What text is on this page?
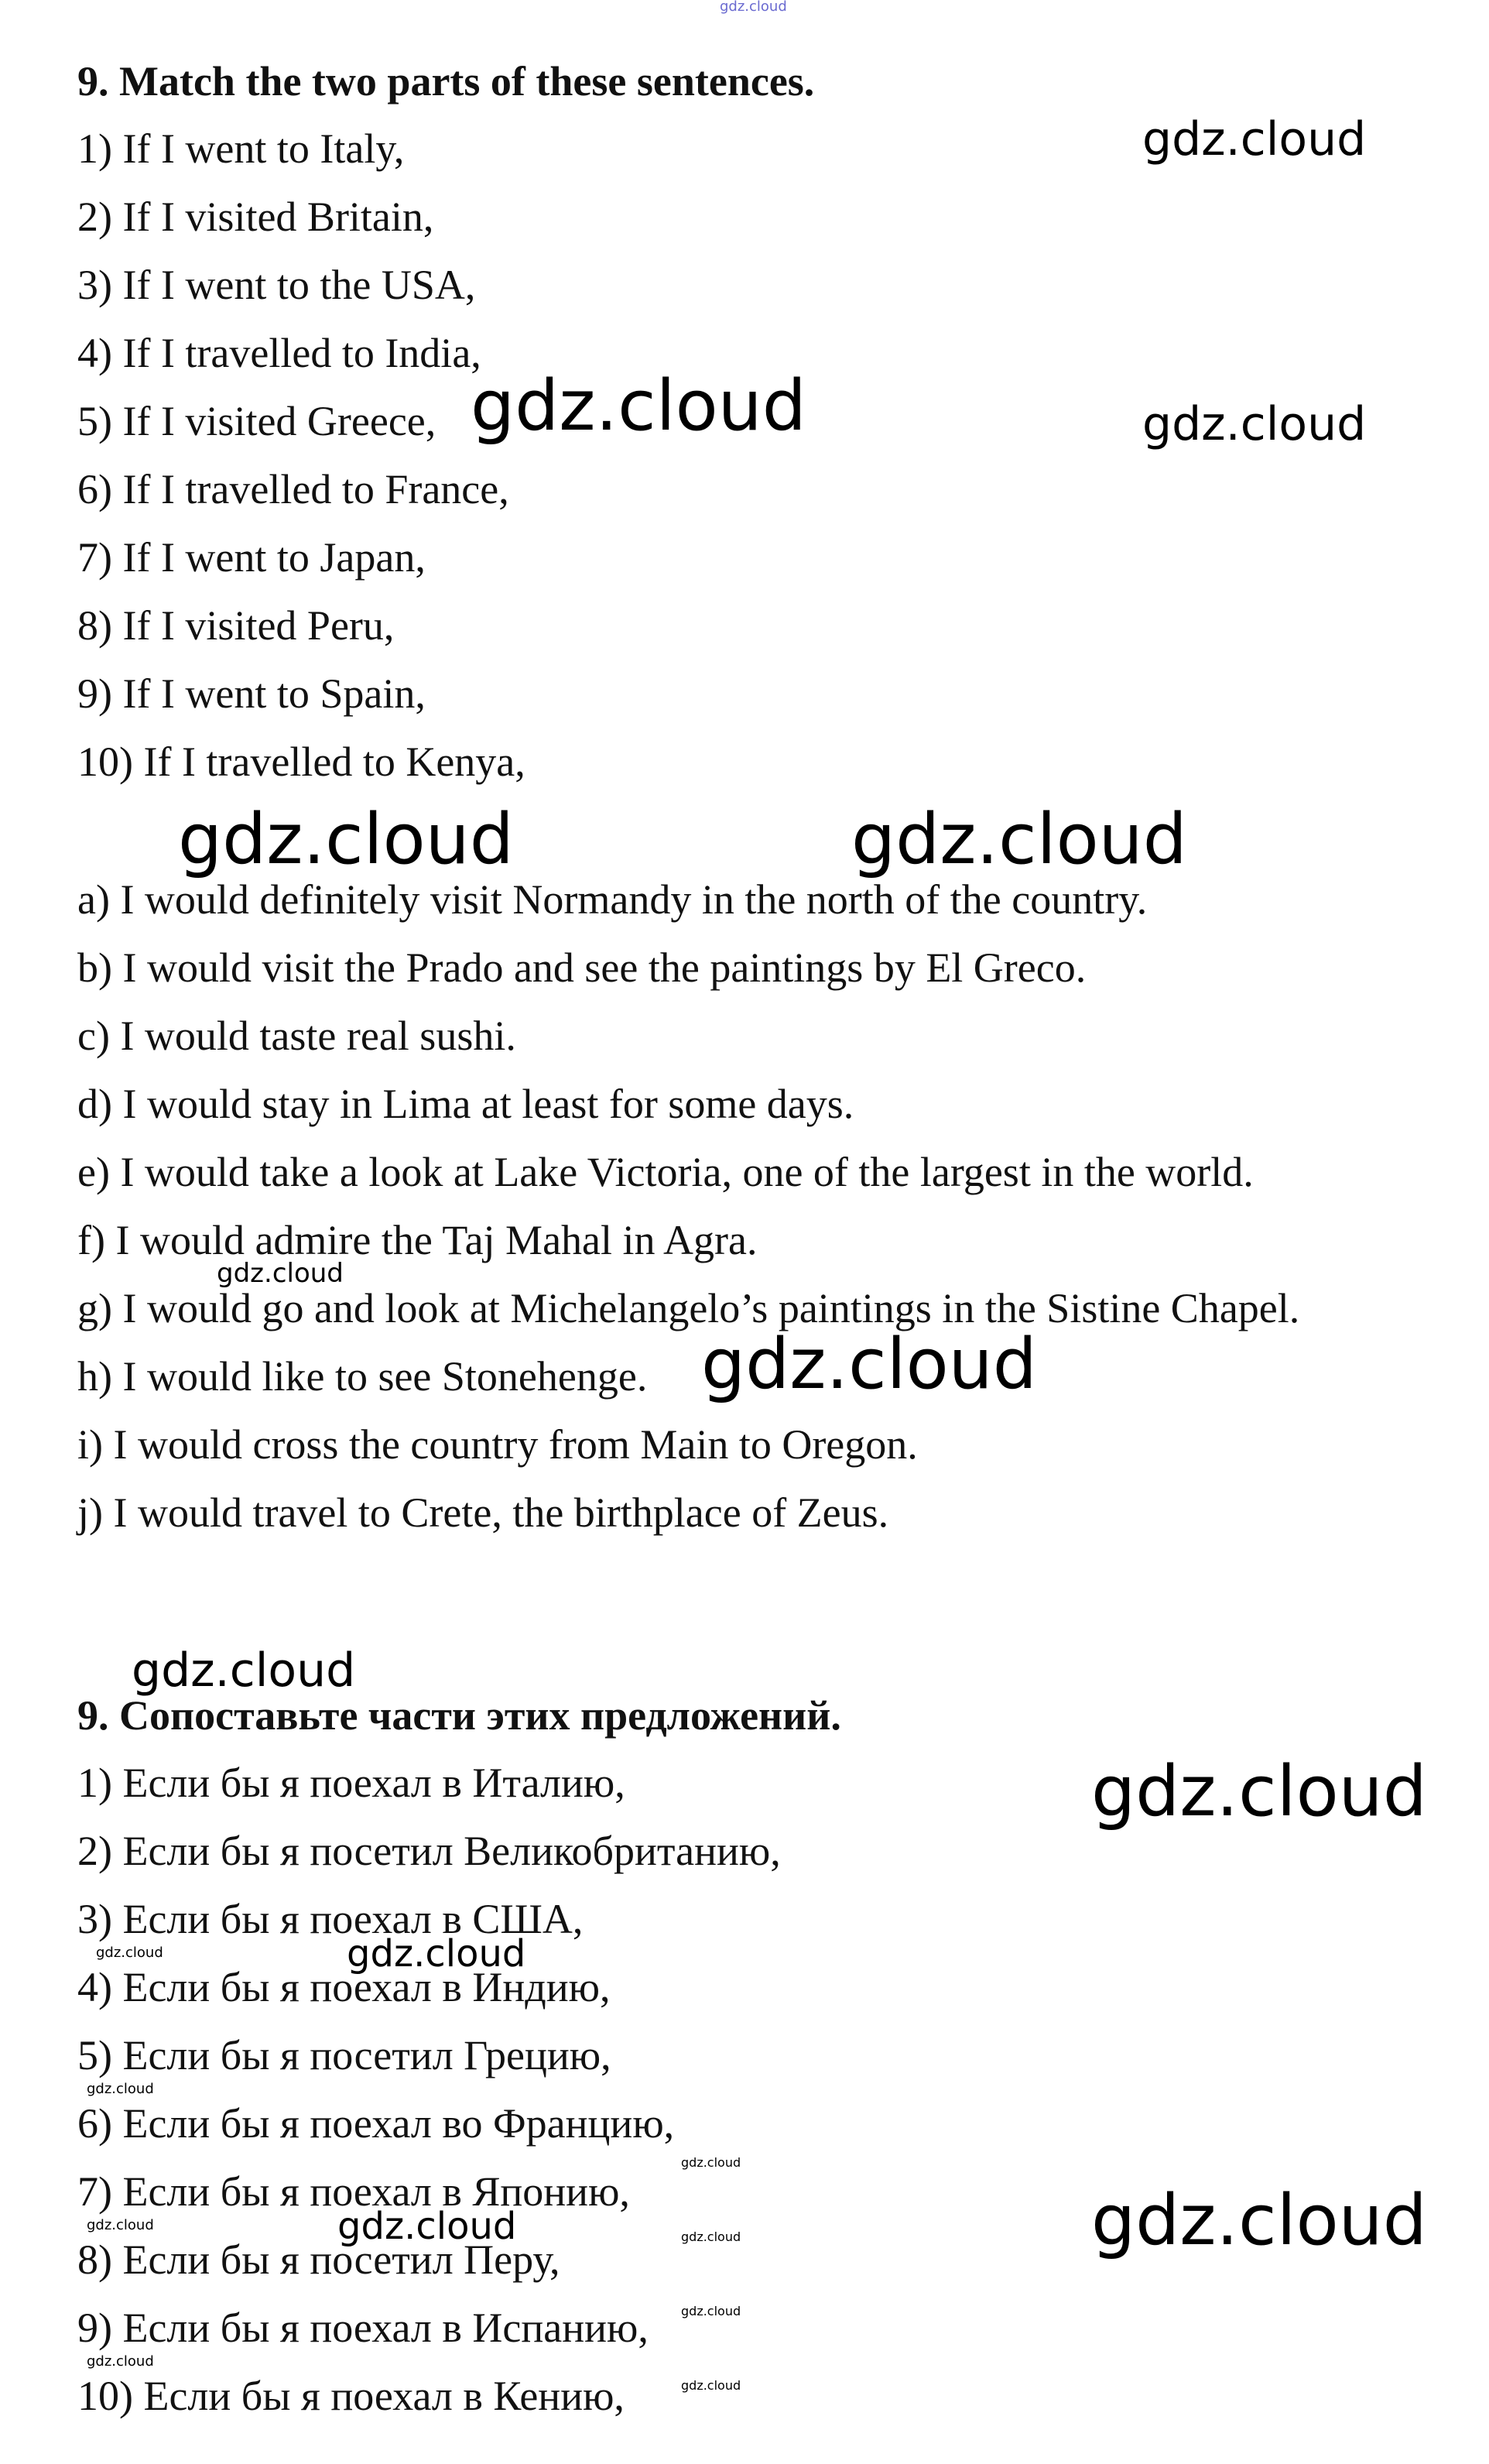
9. Match the two parts of these sentences.
1) If I went to Italy,
2) If I visited Britain,
3) If I went to the USA,
4) If I travelled to India,
5) If I visited Greece,
6) If I travelled to France,
7) If I went to Japan,
8) If I visited Peru,
9) If I went to Spain,
10) If I travelled to Kenya,
a) I would definitely visit Normandy in the north of the country.
b) I would visit the Prado and see the paintings by El Greco.
c) I would taste real sushi.
d) I would stay in Lima at least for some days.
e) I would take a look at Lake Victoria, one of the largest in the world.
f) I would admire the Taj Mahal in Agra.
g) I would go and look at Michelangelo’s paintings in the Sistine Chapel.
h) I would like to see Stonehenge.
i) I would cross the country from Main to Oregon.
j) I would travel to Crete, the birthplace of Zeus.
9. Сопоставьте части этих предложений.
1) Если бы я поехал в Италию,
2) Если бы я посетил Великобританию,
3) Если бы я поехал в США,
4) Если бы я поехал в Индию,
5) Если бы я посетил Грецию,
6) Если бы я поехал во Францию,
7) Если бы я поехал в Японию,
8) Если бы я посетил Перу,
9) Если бы я поехал в Испанию,
10) Если бы я поехал в Кению,
gdz.cloud
gdz.cloud
gdz.cloud	gdz.cloud
gdz.cloud	gdz.cloud
gdz.cloud
gdz.cloud
gdz.cloud
gdz.cloud
gdz.cloud
gdz.cloud
gdz.cloud
gdz.cloud
gdz.cloud
gdz.cloud
gdz.cloud
gdz.cloud
gdz.cloud
gdz.cloud
gdz.cloud
